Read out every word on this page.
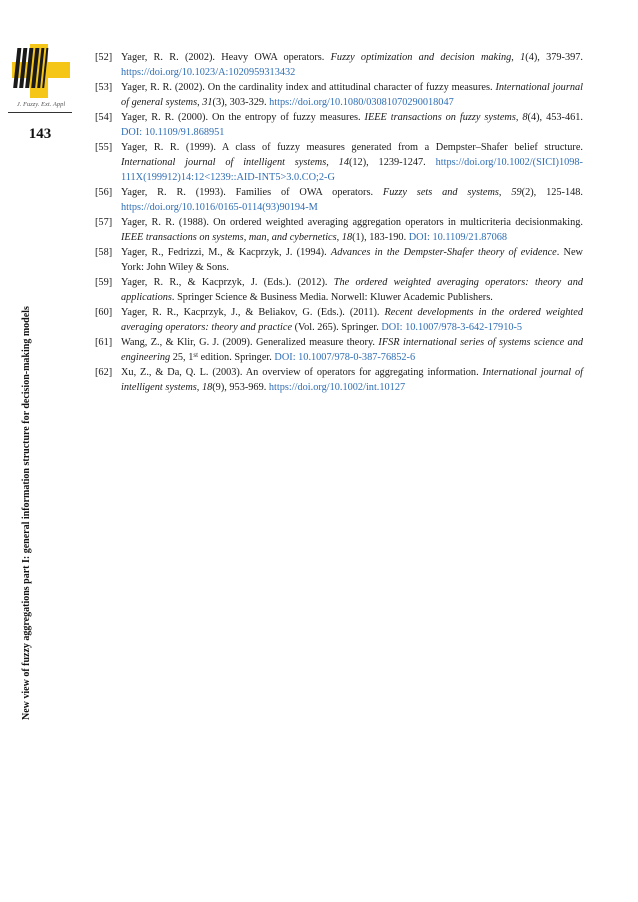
J. Fuzzy. Ext. Appl
143
New view of fuzzy aggregations part I: general information structure for decision-making models
[52] Yager, R. R. (2002). Heavy OWA operators. Fuzzy optimization and decision making, 1(4), 379-397. https://doi.org/10.1023/A:1020959313432
[53] Yager, R. R. (2002). On the cardinality index and attitudinal character of fuzzy measures. International journal of general systems, 31(3), 303-329. https://doi.org/10.1080/03081070290018047
[54] Yager, R. R. (2000). On the entropy of fuzzy measures. IEEE transactions on fuzzy systems, 8(4), 453-461. DOI: 10.1109/91.868951
[55] Yager, R. R. (1999). A class of fuzzy measures generated from a Dempster–Shafer belief structure. International journal of intelligent systems, 14(12), 1239-1247. https://doi.org/10.1002/(SICI)1098-111X(199912)14:12<1239::AID-INT5>3.0.CO;2-G
[56] Yager, R. R. (1993). Families of OWA operators. Fuzzy sets and systems, 59(2), 125-148. https://doi.org/10.1016/0165-0114(93)90194-M
[57] Yager, R. R. (1988). On ordered weighted averaging aggregation operators in multicriteria decisionmaking. IEEE transactions on systems, man, and cybernetics, 18(1), 183-190. DOI: 10.1109/21.87068
[58] Yager, R., Fedrizzi, M., & Kacprzyk, J. (1994). Advances in the Dempster-Shafer theory of evidence. New York: John Wiley & Sons.
[59] Yager, R. R., & Kacprzyk, J. (Eds.). (2012). The ordered weighted averaging operators: theory and applications. Springer Science & Business Media. Norwell: Kluwer Academic Publishers.
[60] Yager, R. R., Kacprzyk, J., & Beliakov, G. (Eds.). (2011). Recent developments in the ordered weighted averaging operators: theory and practice (Vol. 265). Springer. DOI: 10.1007/978-3-642-17910-5
[61] Wang, Z., & Klir, G. J. (2009). Generalized measure theory. IFSR international series of systems science and engineering 25, 1st edition. Springer. DOI: 10.1007/978-0-387-76852-6
[62] Xu, Z., & Da, Q. L. (2003). An overview of operators for aggregating information. International journal of intelligent systems, 18(9), 953-969. https://doi.org/10.1002/int.10127
